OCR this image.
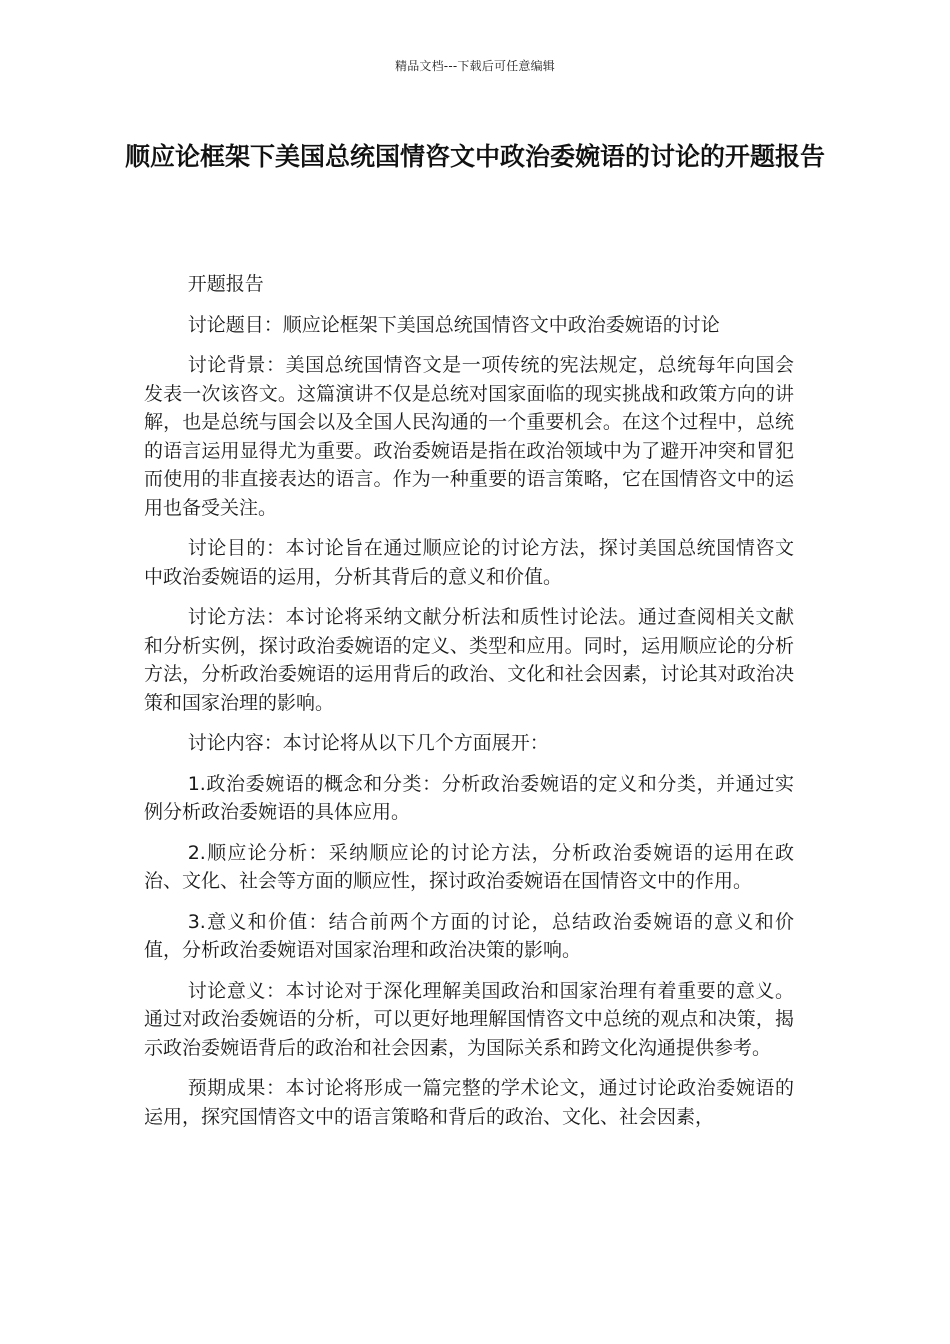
精品文档---下载后可任意编辑
顺应论框架下美国总统国情咨文中政治委婉语的讨论的开题报告

开题报告

讨论题目：顺应论框架下美国总统国情咨文中政治委婉语的讨论

讨论背景：美国总统国情咨文是一项传统的宪法规定，总统每年向国会发表一次该咨文。这篇演讲不仅是总统对国家面临的现实挑战和政策方向的讲解，也是总统与国会以及全国人民沟通的一个重要机会。在这个过程中，总统的语言运用显得尤为重要。政治委婉语是指在政治领域中为了避开冲突和冒犯而使用的非直接表达的语言。作为一种重要的语言策略，它在国情咨文中的运用也备受关注。

讨论目的：本讨论旨在通过顺应论的讨论方法，探讨美国总统国情咨文中政治委婉语的运用，分析其背后的意义和价值。

讨论方法：本讨论将采纳文献分析法和质性讨论法。通过查阅相关文献和分析实例，探讨政治委婉语的定义、类型和应用。同时，运用顺应论的分析方法，分析政治委婉语的运用背后的政治、文化和社会因素，讨论其对政治决策和国家治理的影响。

讨论内容：本讨论将从以下几个方面展开：

1.政治委婉语的概念和分类：分析政治委婉语的定义和分类，并通过实例分析政治委婉语的具体应用。

2.顺应论分析：采纳顺应论的讨论方法，分析政治委婉语的运用在政治、文化、社会等方面的顺应性，探讨政治委婉语在国情咨文中的作用。

3.意义和价值：结合前两个方面的讨论，总结政治委婉语的意义和价值，分析政治委婉语对国家治理和政治决策的影响。

讨论意义：本讨论对于深化理解美国政治和国家治理有着重要的意义。通过对政治委婉语的分析，可以更好地理解国情咨文中总统的观点和决策，揭示政治委婉语背后的政治和社会因素，为国际关系和跨文化沟通提供参考。

预期成果：本讨论将形成一篇完整的学术论文，通过讨论政治委婉语的运用，探究国情咨文中的语言策略和背后的政治、文化、社会因素，
